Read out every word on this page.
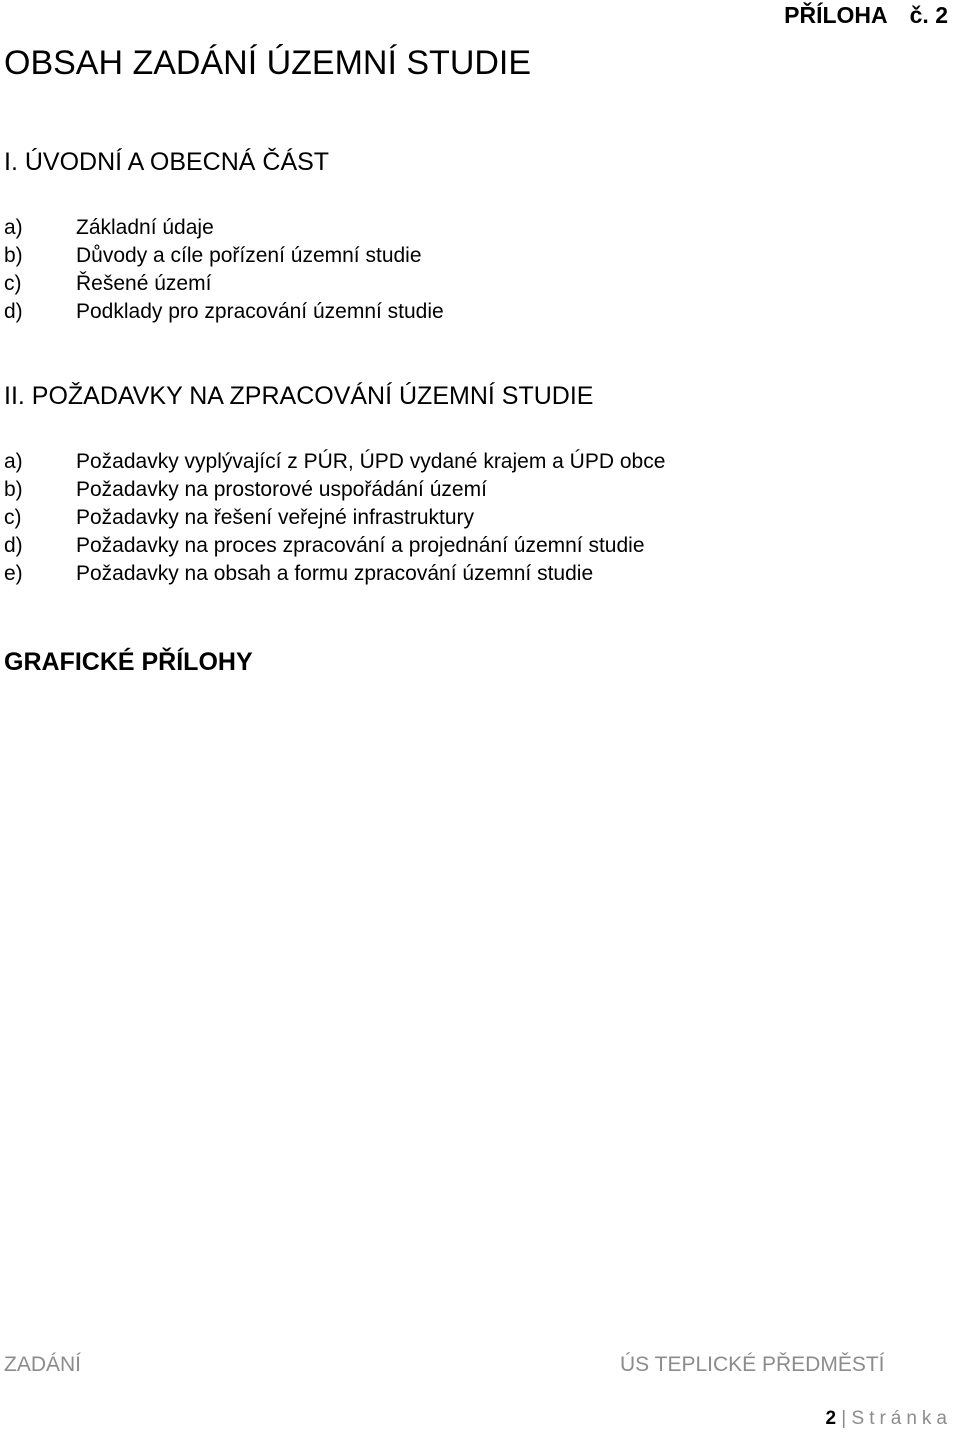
PŘÍLOHA č. 2
OBSAH ZADÁNÍ ÚZEMNÍ STUDIE
I. ÚVODNÍ A OBECNÁ ČÁST
a)	Základní údaje
b)	Důvody a cíle pořízení územní studie
c)	Řešené území
d)	Podklady pro zpracování územní studie
II. POŽADAVKY NA ZPRACOVÁNÍ ÚZEMNÍ STUDIE
a)	Požadavky vyplývající z PÚR, ÚPD vydané krajem a ÚPD obce
b)	Požadavky na prostorové uspořádání území
c)	Požadavky na řešení veřejné infrastruktury
d)	Požadavky na proces zpracování a projednání územní studie
e)	Požadavky na obsah a formu zpracování územní studie
GRAFICKÉ PŘÍLOHY
ZADÁNÍ	ÚS TEPLICKÉ PŘEDMĚSTÍ
2 | Stránka
